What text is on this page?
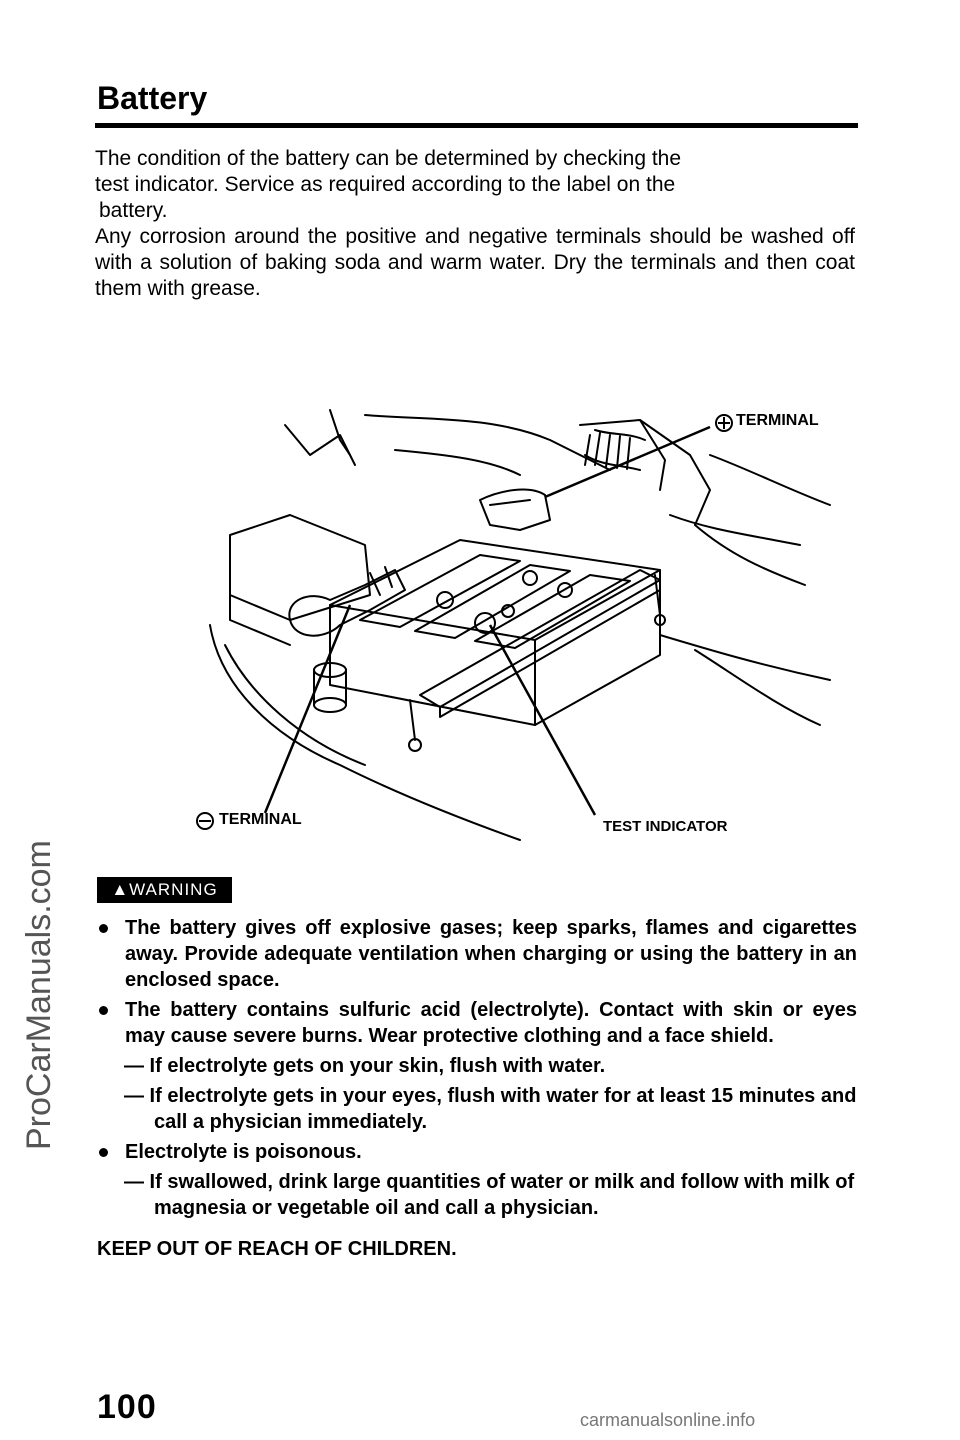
ProCarManuals.com
Battery

The condition of the battery can be determined by checking the
test indicator. Service as required according to the label on the
battery.

Any corrosion around the positive and negative terminals should be washed off with a solution of baking soda and warm water. Dry the terminals and then coat them with grease.

TERMINAL
TERMINAL	TEST INDICATOR
▲WARNING
The battery gives off explosive gases; keep sparks, flames and cigarettes away. Provide adequate ventilation when charging or using the battery in an enclosed space.
The battery contains sulfuric acid (electrolyte). Contact with skin or eyes may cause severe burns. Wear protective clothing and a face shield.
— If electrolyte gets on your skin, flush with water.
— If electrolyte gets in your eyes, flush with water for at least 15 minutes and call a physician immediately.
Electrolyte is poisonous.
— If swallowed, drink large quantities of water or milk and follow with milk of magnesia or vegetable oil and call a physician.
KEEP OUT OF REACH OF CHILDREN.
100	carmanualsonline.info
